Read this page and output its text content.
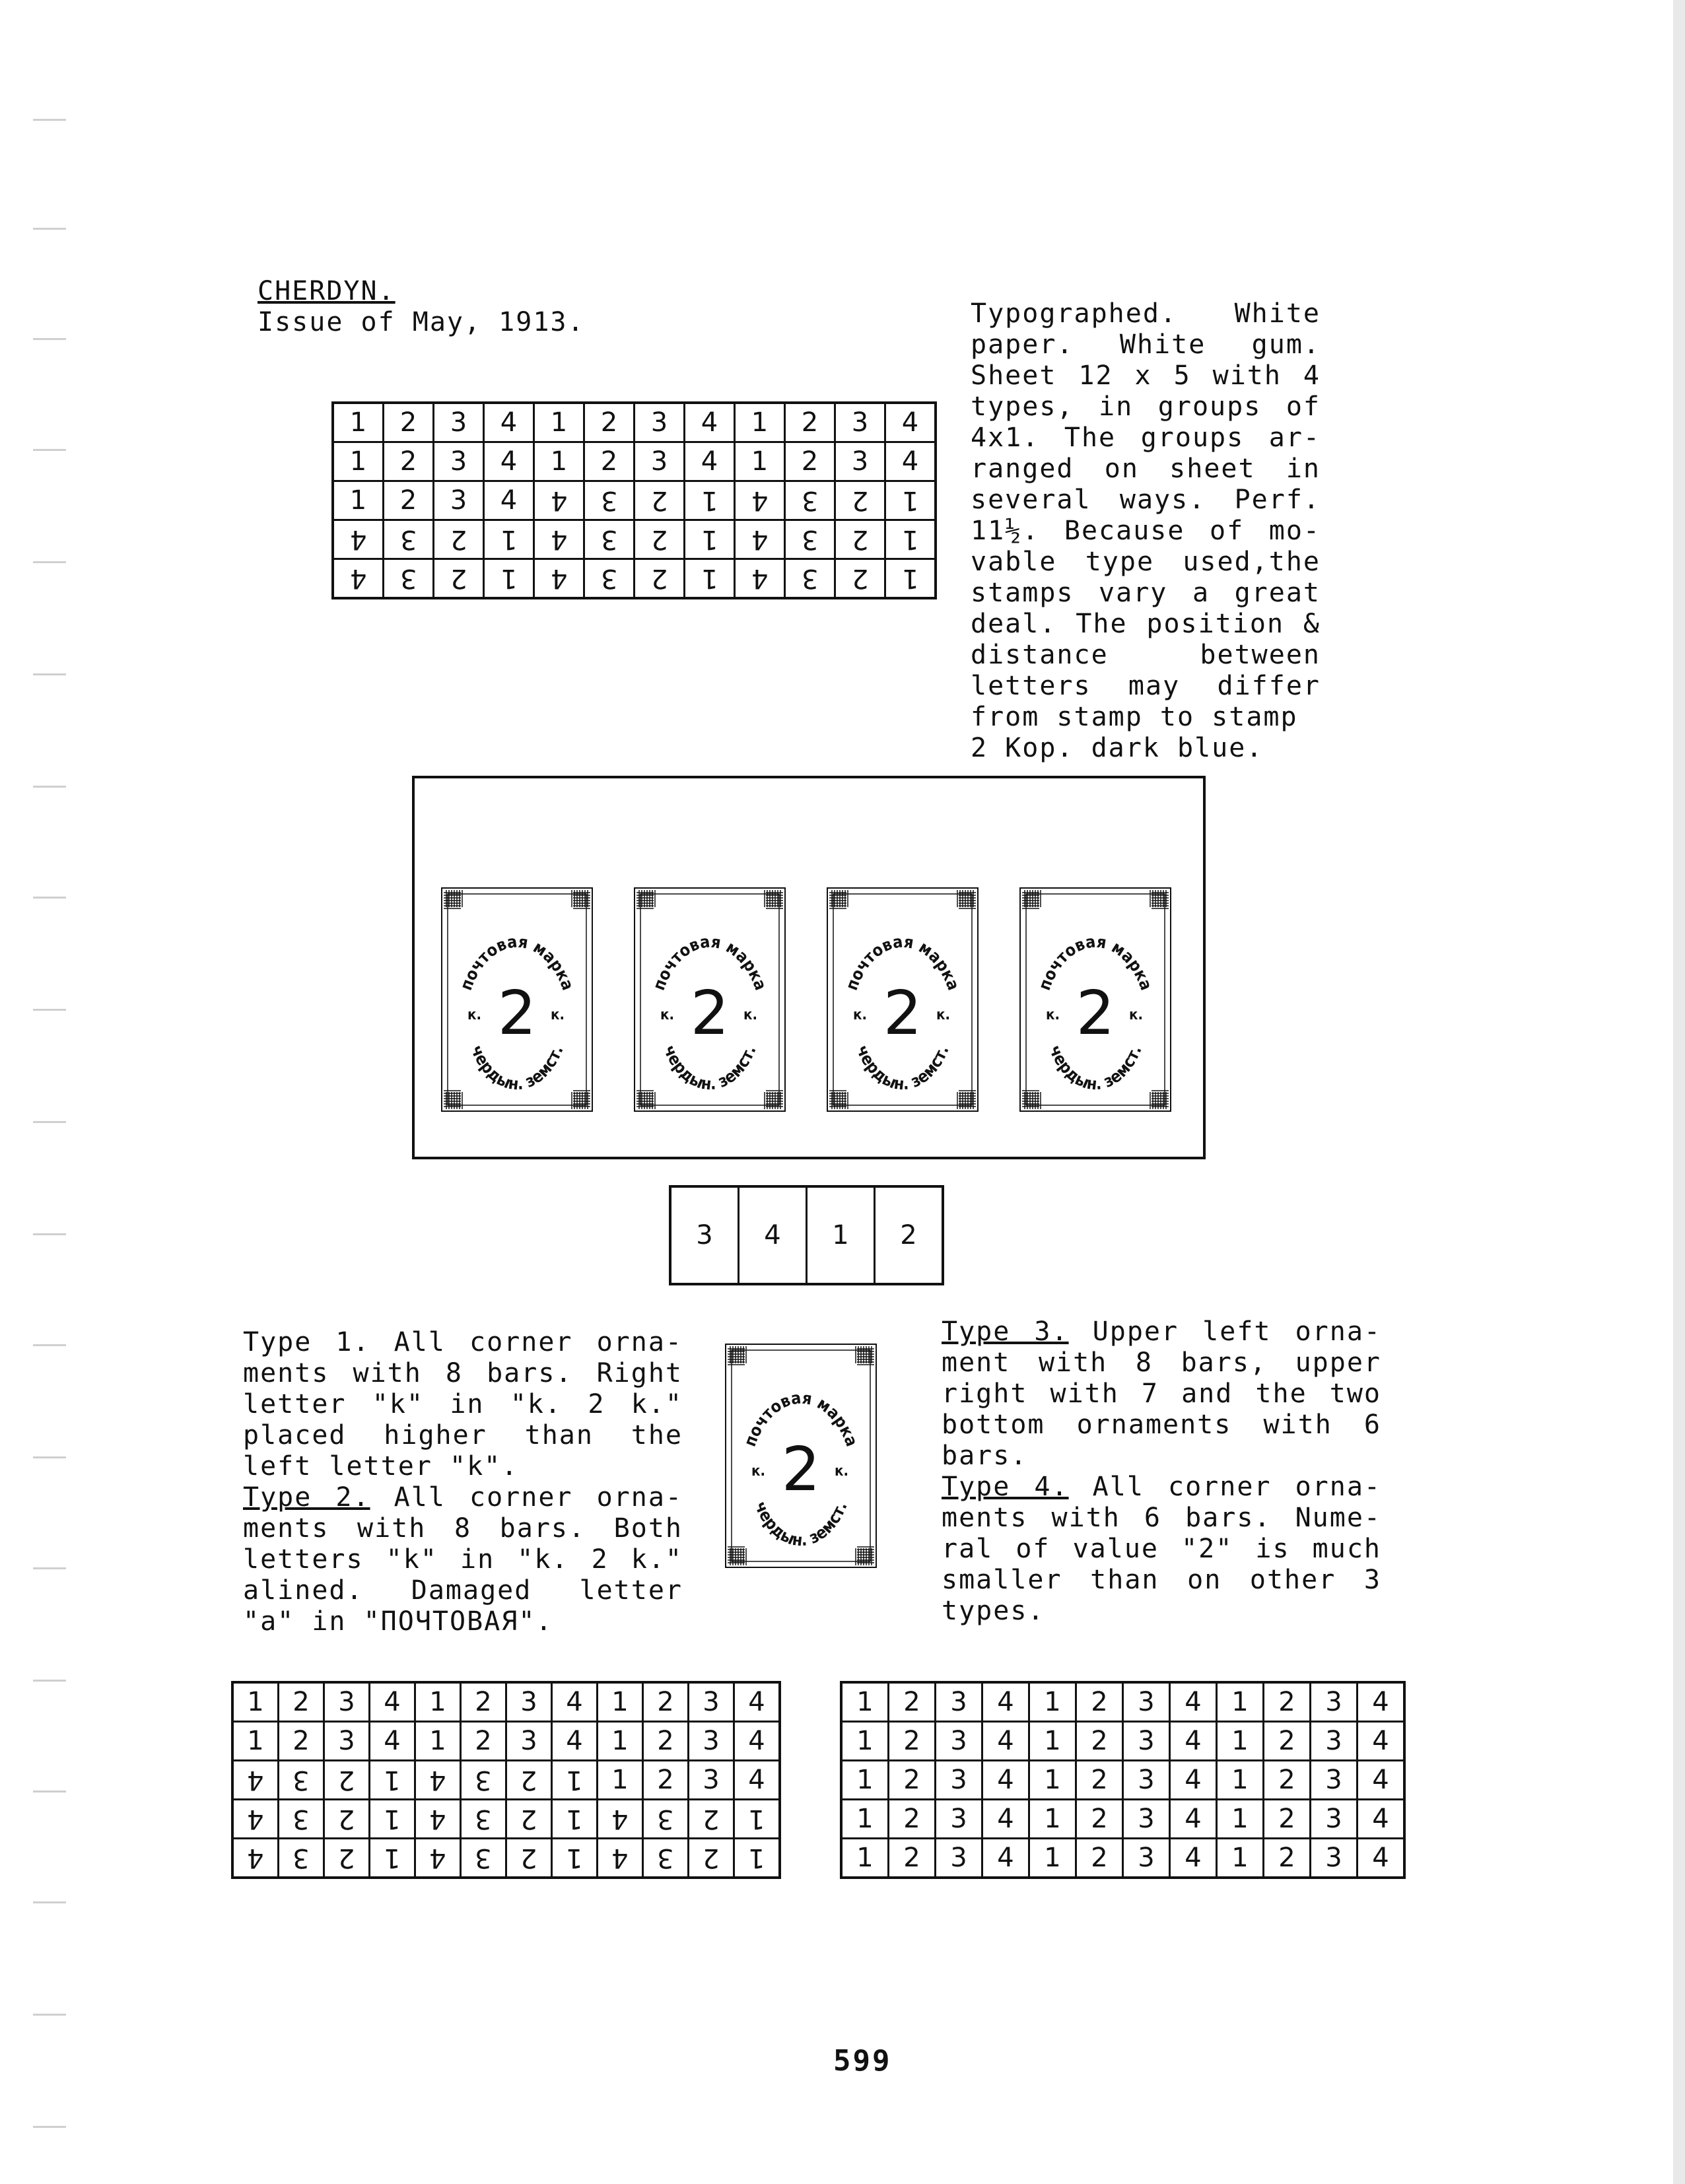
CHERDYN.
Issue of May, 1913.	Typographed. White paper. White gum. Sheet 12 x 5 with 4 types, in groups of 4x1. The groups ar- ranged on sheet in several ways. Perf. 11½. Because of mo- vable type used,the stamps vary a great deal. The position & distance between letters may differ from stamp to stamp

2 Kop. dark blue.

1	2	3	4	1	2	3	4	1	2	3	4
1	2	3	4	1	2	3	4	1	2	3	4
1	2	3	4	4	3	2	1	4	3	2	1
4	3	2	1	4	3	2	1	4	3	2	1
4	3	2	1	4	3	2	1	4	3	2	1
1	2	3	4	1	2	3	4	1	2	3	4
1	2	3	4	1	2	3	4	1	2	3	4
4	3	2	1	4	3	2	1	1	2	3	4
4	3	2	1	4	3	2	1	4	3	2	1
4	3	2	1	4	3	2	1	4	3	2	1
1	2	3	4	1	2	3	4	1	2	3	4
1	2	3	4	1	2	3	4	1	2	3	4
1	2	3	4	1	2	3	4	1	2	3	4
1	2	3	4	1	2	3	4	1	2	3	4
1	2	3	4	1	2	3	4	1	2	3	4
почтовая марка
чердын. земст.
к.	к.
2	почтовая марка
чердын. земст.
к.	к.
2	почтовая марка
чердын. земст.
к.	к.
2	почтовая марка
чердын. земст.
к.	к.
2
3	4	1	2

Type 1. All corner orna- ments with 8 bars. Right letter "k" in "k. 2 k." placed higher than the left letter "k".

Type 2. All corner orna- ments with 8 bars. Both letters "k" in "k. 2 k." alined. Damaged letter "a" in "ПОЧТОВАЯ".

почтовая марка
чердын. земст.
к.	к.
2

Type 3. Upper left orna- ment with 8 bars, upper right with 7 and the two bottom ornaments with 6 bars.

Type 4. All corner orna- ments with 6 bars. Nume- ral of value "2" is much smaller than on other 3 types.

599
